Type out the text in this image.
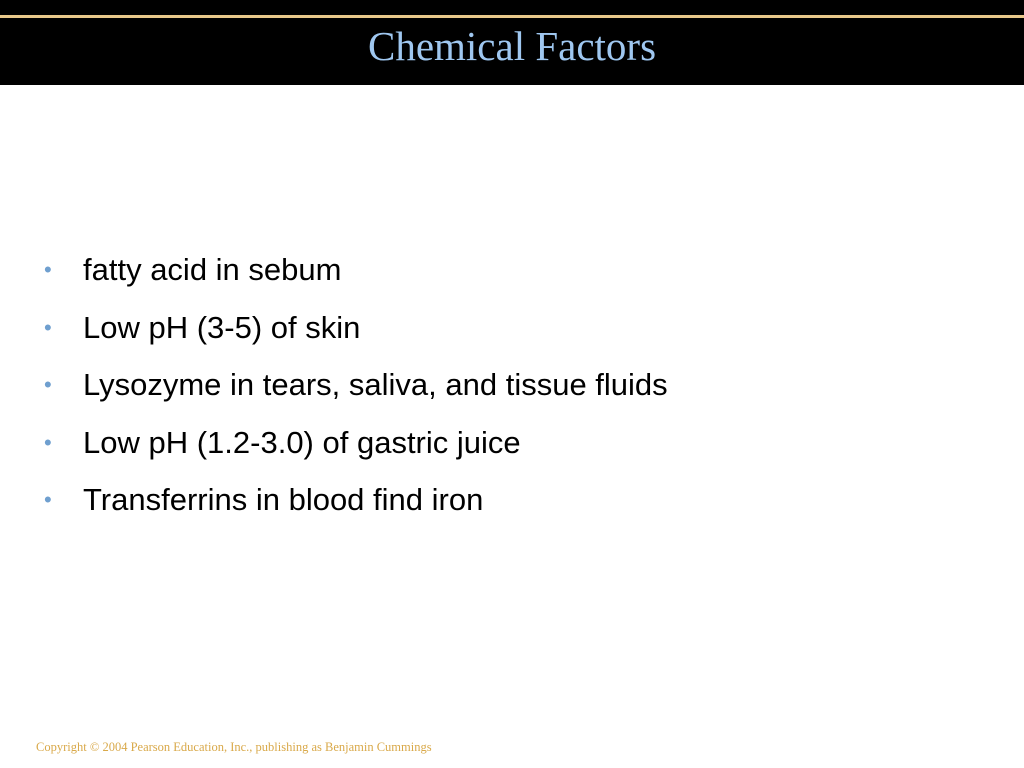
Chemical Factors
•	fatty acid in sebum
•	Low pH (3-5) of skin
•	Lysozyme in tears, saliva, and tissue fluids
•	Low pH (1.2-3.0) of gastric juice
•	Transferrins in blood find iron
Copyright © 2004 Pearson Education, Inc., publishing as Benjamin Cummings
